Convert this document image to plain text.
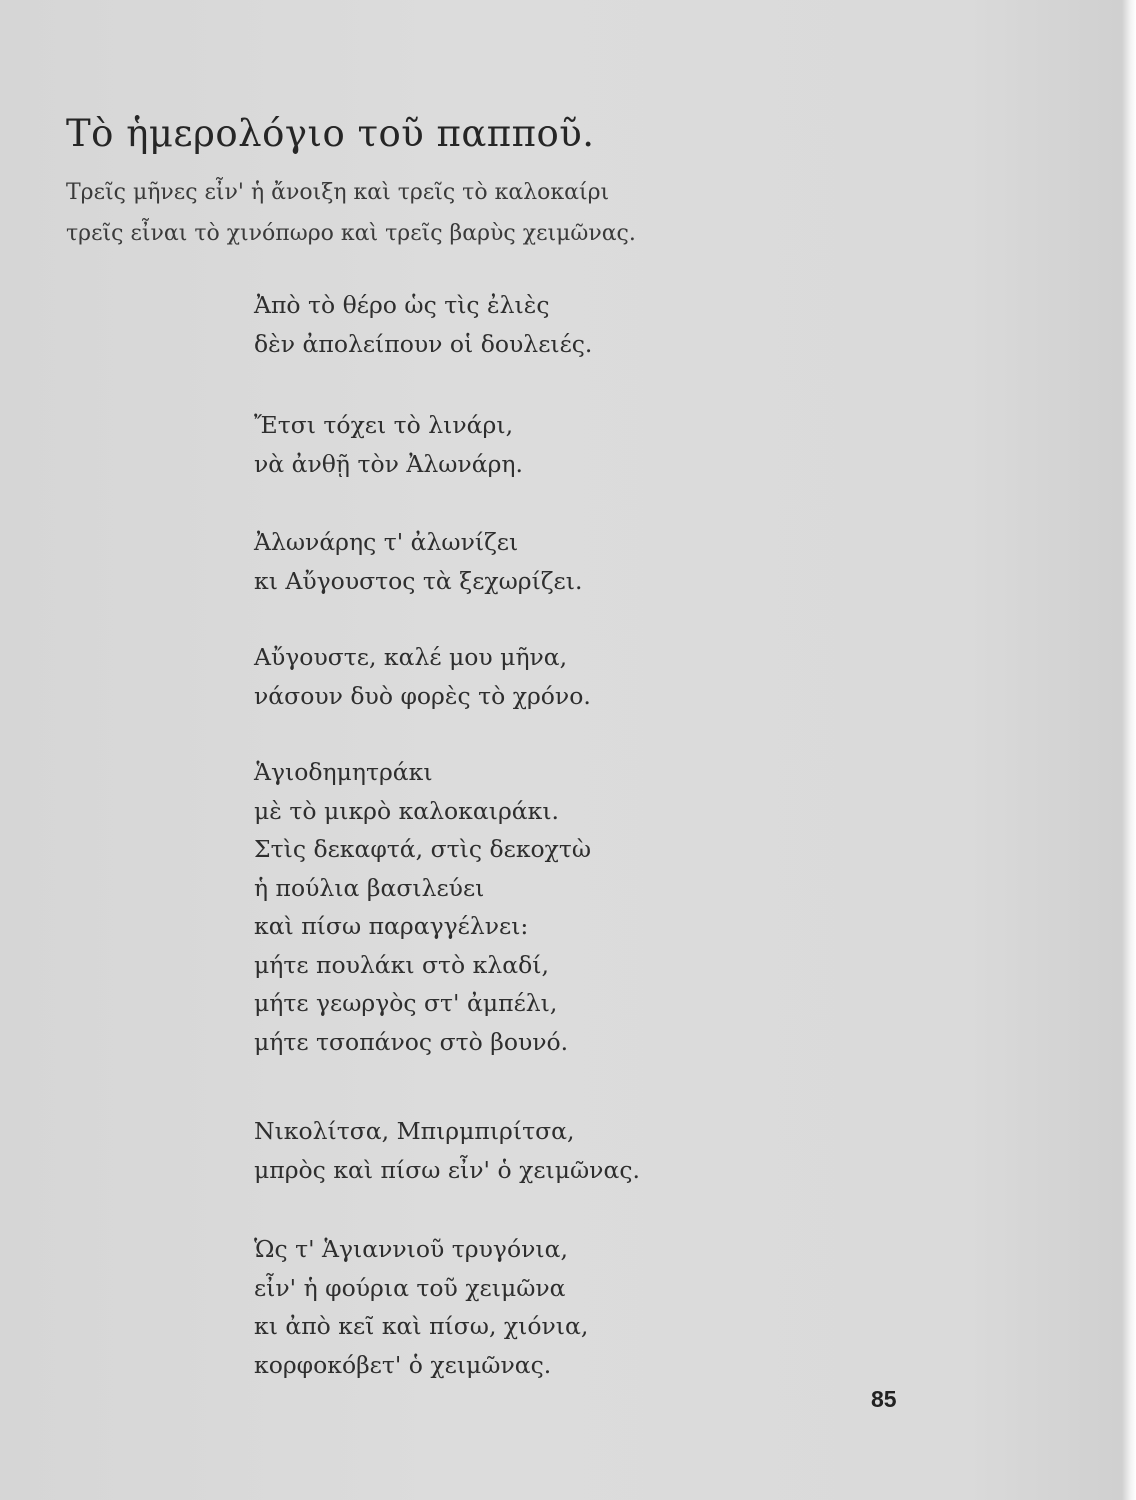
Τὸ ἡμερολόγιο τοῦ παπποῦ.
Τρεῖς μῆνες εἶν' ἡ ἄνοιξη καὶ τρεῖς τὸ καλοκαίρι
τρεῖς εἶναι τὸ χινόπωρο καὶ τρεῖς βαρὺς χειμῶνας.
Ἀπὸ τὸ θέρο ὡς τὶς ἐλιὲς
δὲν ἀπολείπουν οἱ δουλειές.
Ἔτσι τόχει τὸ λινάρι,
νὰ ἀνθῇ τὸν Ἀλωνάρη.
Ἀλωνάρης τ' ἀλωνίζει
κι Αὔγουστος τὰ ξεχωρίζει.
Αὔγουστε, καλέ μου μῆνα,
νάσουν δυὸ φορὲς τὸ χρόνο.
Ἁγιοδημητράκι
μὲ τὸ μικρὸ καλοκαιράκι.
Στὶς δεκαφτά, στὶς δεκοχτὼ
ἡ πούλια βασιλεύει
καὶ πίσω παραγγέλνει:
μήτε πουλάκι στὸ κλαδί,
μήτε γεωργὸς στ' ἀμπέλι,
μήτε τσοπάνος στὸ βουνό.
Νικολίτσα, Μπιρμπιρίτσα,
μπρὸς καὶ πίσω εἶν' ὁ χειμῶνας.
Ὡς τ' Ἁγιαννιοῦ τρυγόνια,
εἶν' ἡ φούρια τοῦ χειμῶνα
κι ἀπὸ κεῖ καὶ πίσω, χιόνια,
κορφοκόβετ' ὁ χειμῶνας.
85
